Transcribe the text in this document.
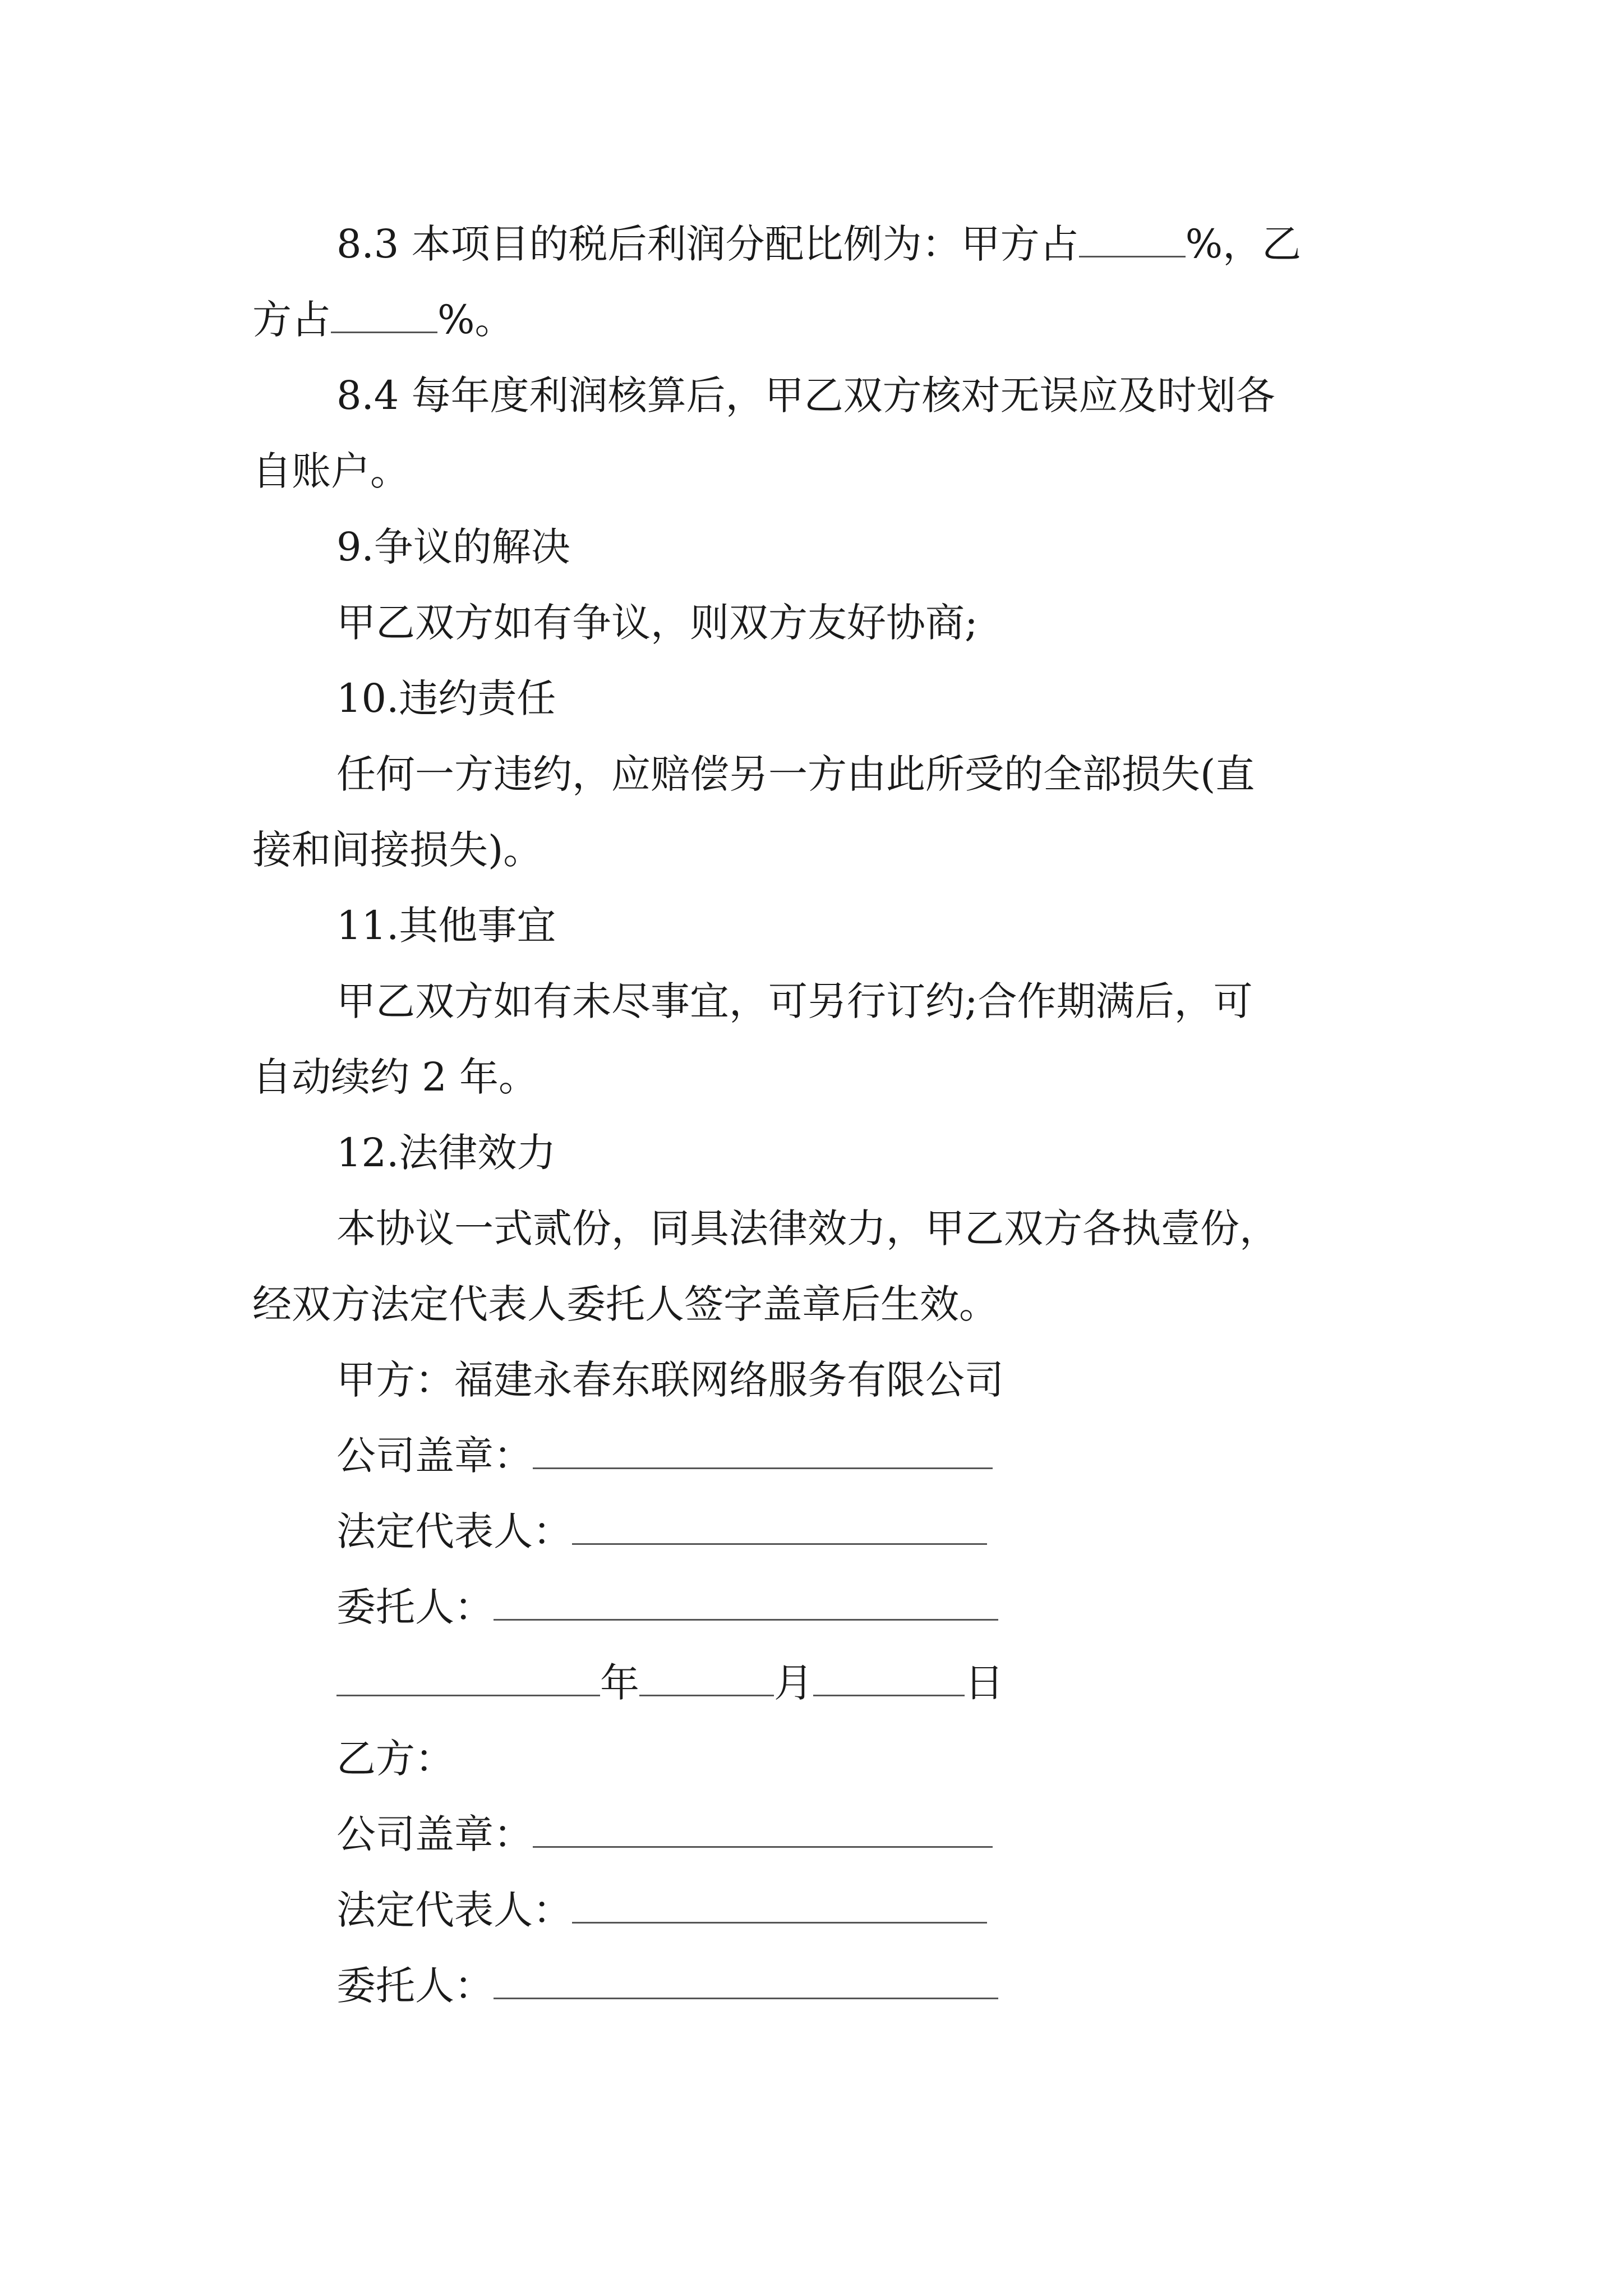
8.3 本项目的税后利润分配比例为：甲方占	%，乙
方占	%。
8.4 每年度利润核算后，甲乙双方核对无误应及时划各
自账户。
9.争议的解决
甲乙双方如有争议，则双方友好协商;
10.违约责任
任何一方违约，应赔偿另一方由此所受的全部损失(直
接和间接损失)。
11.其他事宜
甲乙双方如有未尽事宜，可另行订约;合作期满后，可
自动续约 2 年。
12.法律效力
本协议一式贰份，同具法律效力，甲乙双方各执壹份，
经双方法定代表人委托人签字盖章后生效。
甲方：福建永春东联网络服务有限公司
公司盖章：
法定代表人：
委托人：
年	月	日
乙方：
公司盖章：
法定代表人：
委托人：
